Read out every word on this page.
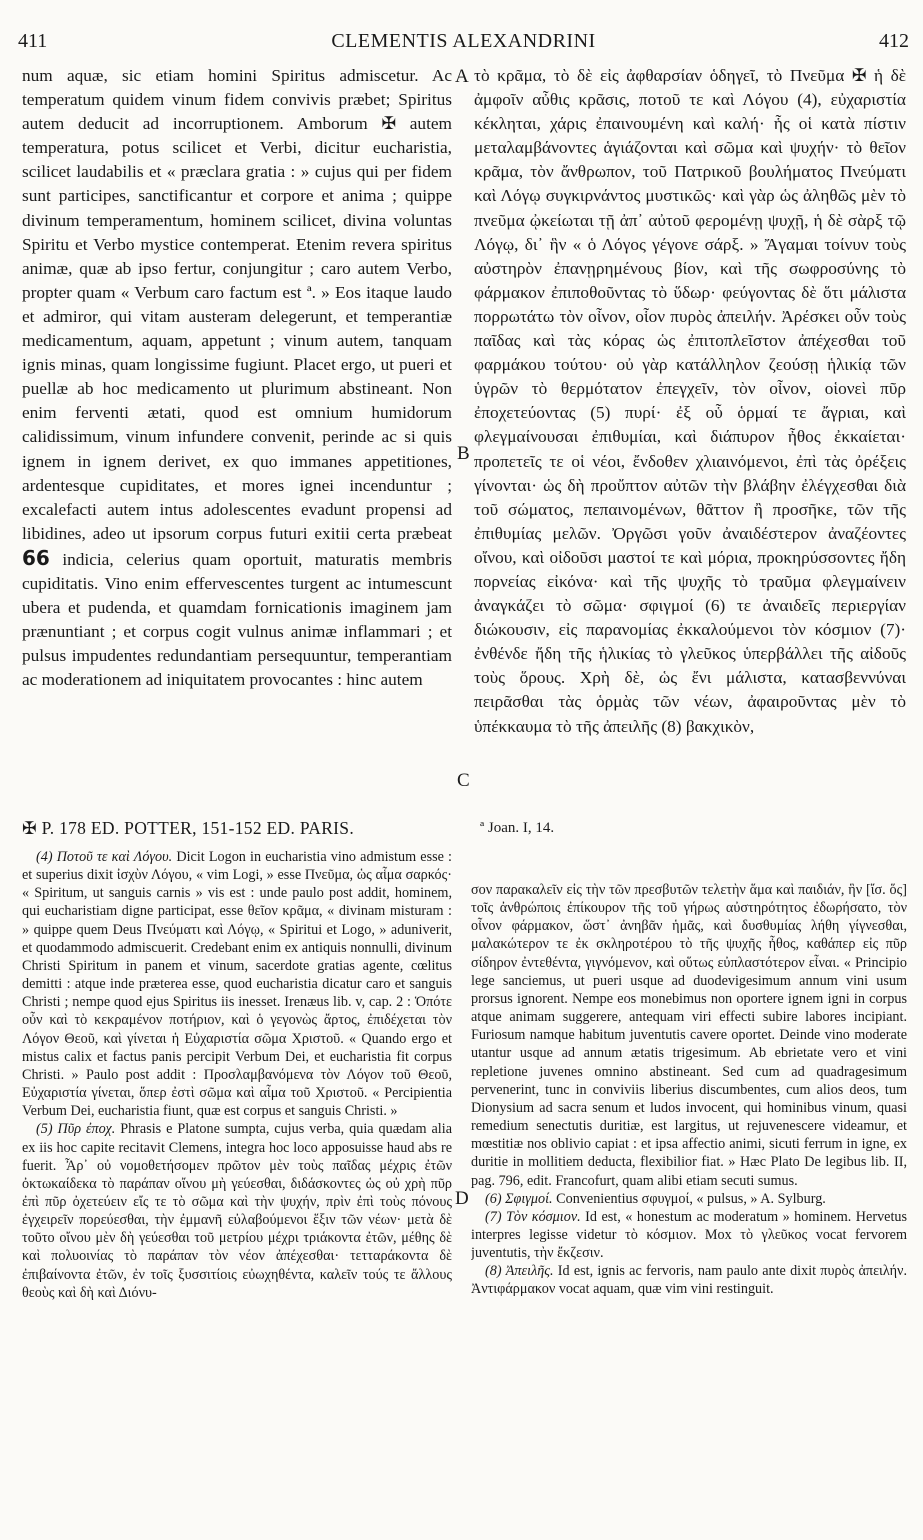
411	CLEMENTIS ALEXANDRINI	412

num aquæ, sic etiam homini Spiritus admiscetur. Ac temperatum quidem vinum fidem convivis præbet; Spiritus autem deducit ad incorruptionem. Amborum ✠ autem temperatura, potus scilicet et Verbi, dicitur eucharistia, scilicet laudabilis et « præclara gratia : » cujus qui per fidem sunt participes, sanctificantur et corpore et anima ; quippe divinum temperamentum, hominem scilicet, divina voluntas Spiritu et Verbo mystice contemperat. Etenim revera spiritus animæ, quæ ab ipso fertur, conjungitur ; caro autem Verbo, propter quam « Verbum caro factum est ª. » Eos itaque laudo et admiror, qui vitam austeram delegerunt, et temperantiæ medicamentum, aquam, appetunt ; vinum autem, tanquam ignis minas, quam longissime fugiunt. Placet ergo, ut pueri et puellæ ab hoc medicamento ut plurimum abstineant. Non enim ferventi ætati, quod est omnium humidorum calidissimum, vinum infundere convenit, perinde ac si quis ignem in ignem derivet, ex quo immanes appetitiones, ardentesque cupiditates, et mores ignei incenduntur ; excalefacti autem intus adolescentes evadunt propensi ad libidines, adeo ut ipsorum corpus futuri exitii certa præbeat 66 indicia, celerius quam oportuit, maturatis membris cupiditatis. Vino enim effervescentes turgent ac intumescunt ubera et pudenda, et quamdam fornicationis imaginem jam prænuntiant ; et corpus cogit vulnus animæ inflammari ; et pulsus impudentes redundantiam persequuntur, temperantiam ac moderationem ad iniquitatem provocantes : hinc autem

τὸ κρᾶμα, τὸ δὲ εἰς ἀφθαρσίαν ὁδηγεῖ, τὸ Πνεῦμα ✠ ἡ δὲ ἀμφοῖν αὖθις κρᾶσις, ποτοῦ τε καὶ Λόγου (4), εὐχαριστία κέκληται, χάρις ἐπαινουμένη καὶ καλή· ἧς οἱ κατὰ πίστιν μεταλαμβάνοντες ἁγιάζονται καὶ σῶμα καὶ ψυχήν· τὸ θεῖον κρᾶμα, τὸν ἄνθρωπον, τοῦ Πατρικοῦ βουλήματος Πνεύματι καὶ Λόγῳ συγκιρνάντος μυστικῶς· καὶ γὰρ ὡς ἀληθῶς μὲν τὸ πνεῦμα ᾠκείωται τῇ ἀπ᾽ αὐτοῦ φερομένῃ ψυχῇ, ἡ δὲ σὰρξ τῷ Λόγῳ, δι᾽ ἣν « ὁ Λόγος γέγονε σάρξ. » Ἄγαμαι τοίνυν τοὺς αὐστηρὸν ἐπανῃρημένους βίον, καὶ τῆς σωφροσύνης τὸ φάρμακον ἐπιποθοῦντας τὸ ὕδωρ· φεύγοντας δὲ ὅτι μάλιστα πορρωτάτω τὸν οἶνον, οἷον πυρὸς ἀπειλήν. Ἀρέσκει οὖν τοὺς παῖδας καὶ τὰς κόρας ὡς ἐπιτοπλεῖστον ἀπέχεσθαι τοῦ φαρμάκου τούτου· οὐ γὰρ κατάλληλον ζεούσῃ ἡλικίᾳ τῶν ὑγρῶν τὸ θερμότατον ἐπεγχεῖν, τὸν οἶνον, οἱονεὶ πῦρ ἐποχετεύοντας (5) πυρί· ἐξ οὗ ὁρμαί τε ἄγριαι, καὶ φλεγμαίνουσαι ἐπιθυμίαι, καὶ διάπυρον ἦθος ἐκκαίεται· προπετεῖς τε οἱ νέοι, ἔνδοθεν χλιαινόμενοι, ἐπὶ τὰς ὀρέξεις γίνονται· ὡς δὴ προὔπτον αὐτῶν τὴν βλάβην ἐλέγχεσθαι διὰ τοῦ σώματος, πεπαινομένων, θᾶττον ἢ προσῆκε, τῶν τῆς ἐπιθυμίας μελῶν. Ὀργῶσι γοῦν ἀναιδέστερον ἀναζέοντες οἴνου, καὶ οἰδοῦσι μαστοί τε καὶ μόρια, προκηρύσσοντες ἤδη πορνείας εἰκόνα· καὶ τῆς ψυχῆς τὸ τραῦμα φλεγμαίνειν ἀναγκάζει τὸ σῶμα· σφιγμοί (6) τε ἀναιδεῖς περιεργίαν διώκουσιν, εἰς παρανομίας ἐκκαλούμενοι τὸν κόσμιον (7)· ἐνθένδε ἤδη τῆς ἡλικίας τὸ γλεῦκος ὑπερβάλλει τῆς αἰδοῦς τοὺς ὅρους. Χρὴ δὲ, ὡς ἔνι μάλιστα, κατασβεννύναι πειρᾶσθαι τὰς ὁρμὰς τῶν νέων, ἀφαιροῦντας μὲν τὸ ὑπέκκαυμα τὸ τῆς ἀπειλῆς (8) βακχικὸν,

A
B
C
D
✠ P. 178 ED. POTTER, 151-152 ED. PARIS.	ª Joan. I, 14.

(4) Ποτοῦ τε καὶ Λόγου. Dicit Logon in eucharistia vino admistum esse : et superius dixit ἰσχὺν Λόγου, « vim Logi, » esse Πνεῦμα, ὡς αἷμα σαρκός· « Spiritum, ut sanguis carnis » vis est : unde paulo post addit, hominem, qui eucharistiam digne participat, esse θεῖον κρᾶμα, « divinam misturam : » quippe quem Deus Πνεύματι καὶ Λόγῳ, « Spiritui et Logo, » aduniverit, et quodammodo admiscuerit. Credebant enim ex antiquis nonnulli, divinum Christi Spiritum in panem et vinum, sacerdote gratias agente, cœlitus demitti : atque inde præterea esse, quod eucharistia dicatur caro et sanguis Christi ; nempe quod ejus Spiritus iis inesset. Irenæus lib. v, cap. 2 : Ὁπότε οὖν καὶ τὸ κεκραμένον ποτήριον, καὶ ὁ γεγονὼς ἄρτος, ἐπιδέχεται τὸν Λόγον Θεοῦ, καὶ γίνεται ἡ Εὐχαριστία σῶμα Χριστοῦ. « Quando ergo et mistus calix et factus panis percipit Verbum Dei, et eucharistia fit corpus Christi. » Paulo post addit : Προσλαμβανόμενα τὸν Λόγον τοῦ Θεοῦ, Εὐχαριστία γίνεται, ὅπερ ἐστὶ σῶμα καὶ αἷμα τοῦ Χριστοῦ. « Percipientia Verbum Dei, eucharistia fiunt, quæ est corpus et sanguis Christi. »

(5) Πῦρ ἐποχ. Phrasis e Platone sumpta, cujus verba, quia quædam alia ex iis hoc capite recitavit Clemens, integra hoc loco apposuisse haud abs re fuerit. Ἆρ᾽ οὐ νομοθετήσομεν πρῶτον μὲν τοὺς παῖδας μέχρις ἐτῶν ὀκτωκαίδεκα τὸ παράπαν οἴνου μὴ γεύεσθαι, διδάσκοντες ὡς οὐ χρὴ πῦρ ἐπὶ πῦρ ὀχετεύειν εἴς τε τὸ σῶμα καὶ τὴν ψυχήν, πρὶν ἐπὶ τοὺς πόνους ἐγχειρεῖν πορεύεσθαι, τὴν ἐμμανῆ εὐλαβούμενοι ἕξιν τῶν νέων· μετὰ δὲ τοῦτο οἴνου μὲν δὴ γεύεσθαι τοῦ μετρίου μέχρι τριάκοντα ἐτῶν, μέθης δὲ καὶ πολυοινίας τὸ παράπαν τὸν νέον ἀπέχεσθαι· τετταράκοντα δὲ ἐπιβαίνοντα ἐτῶν, ἐν τοῖς ξυσσιτίοις εὐωχηθέντα, καλεῖν τούς τε ἄλλους θεοὺς καὶ δὴ καὶ Διόνυ-

σον παρακαλεῖν εἰς τὴν τῶν πρεσβυτῶν τελετὴν ἅμα καὶ παιδιάν, ἣν [ἴσ. ὅς] τοῖς ἀνθρώποις ἐπίκουρον τῆς τοῦ γήρως αὐστηρότητος ἐδωρήσατο, τὸν οἶνον φάρμακον, ὥστ᾽ ἀνηβᾶν ἡμᾶς, καὶ δυσθυμίας λήθη γίγνεσθαι, μαλακώτερον τε ἐκ σκληροτέρου τὸ τῆς ψυχῆς ἦθος, καθάπερ εἰς πῦρ σίδηρον ἐντεθέντα, γιγνόμενον, καὶ οὕτως εὐπλαστότερον εἶναι. « Principio lege sanciemus, ut pueri usque ad duodevigesimum annum vini usum prorsus ignorent. Nempe eos monebimus non oportere ignem igni in corpus atque animam suggerere, antequam viri effecti subire labores incipiant. Furiosum namque habitum juventutis cavere oportet. Deinde vino moderate utantur usque ad annum ætatis trigesimum. Ab ebrietate vero et vini repletione juvenes omnino abstineant. Sed cum ad quadragesimum pervenerint, tunc in conviviis liberius discumbentes, cum alios deos, tum Dionysium ad sacra senum et ludos invocent, qui hominibus vinum, quasi remedium senectutis duritiæ, est largitus, ut rejuvenescere videamur, et mœstitiæ nos oblivio capiat : et ipsa affectio animi, sicuti ferrum in igne, ex duritie in mollitiem deducta, flexibilior fiat. » Hæc Plato De legibus lib. II, pag. 796, edit. Francofurt, quam alibi etiam secuti sumus.

(6) Σφιγμοί. Convenientius σφυγμοί, « pulsus, » A. Sylburg.

(7) Τὸν κόσμιον. Id est, « honestum ac moderatum » hominem. Hervetus interpres legisse videtur τὸ κόσμιον. Mox τὸ γλεῦκος vocat fervorem juventutis, τὴν ἔκζεσιν.

(8) Ἀπειλῆς. Id est, ignis ac fervoris, nam paulo ante dixit πυρὸς ἀπειλήν. Ἀντιφάρμακον vocat aquam, quæ vim vini restinguit.
